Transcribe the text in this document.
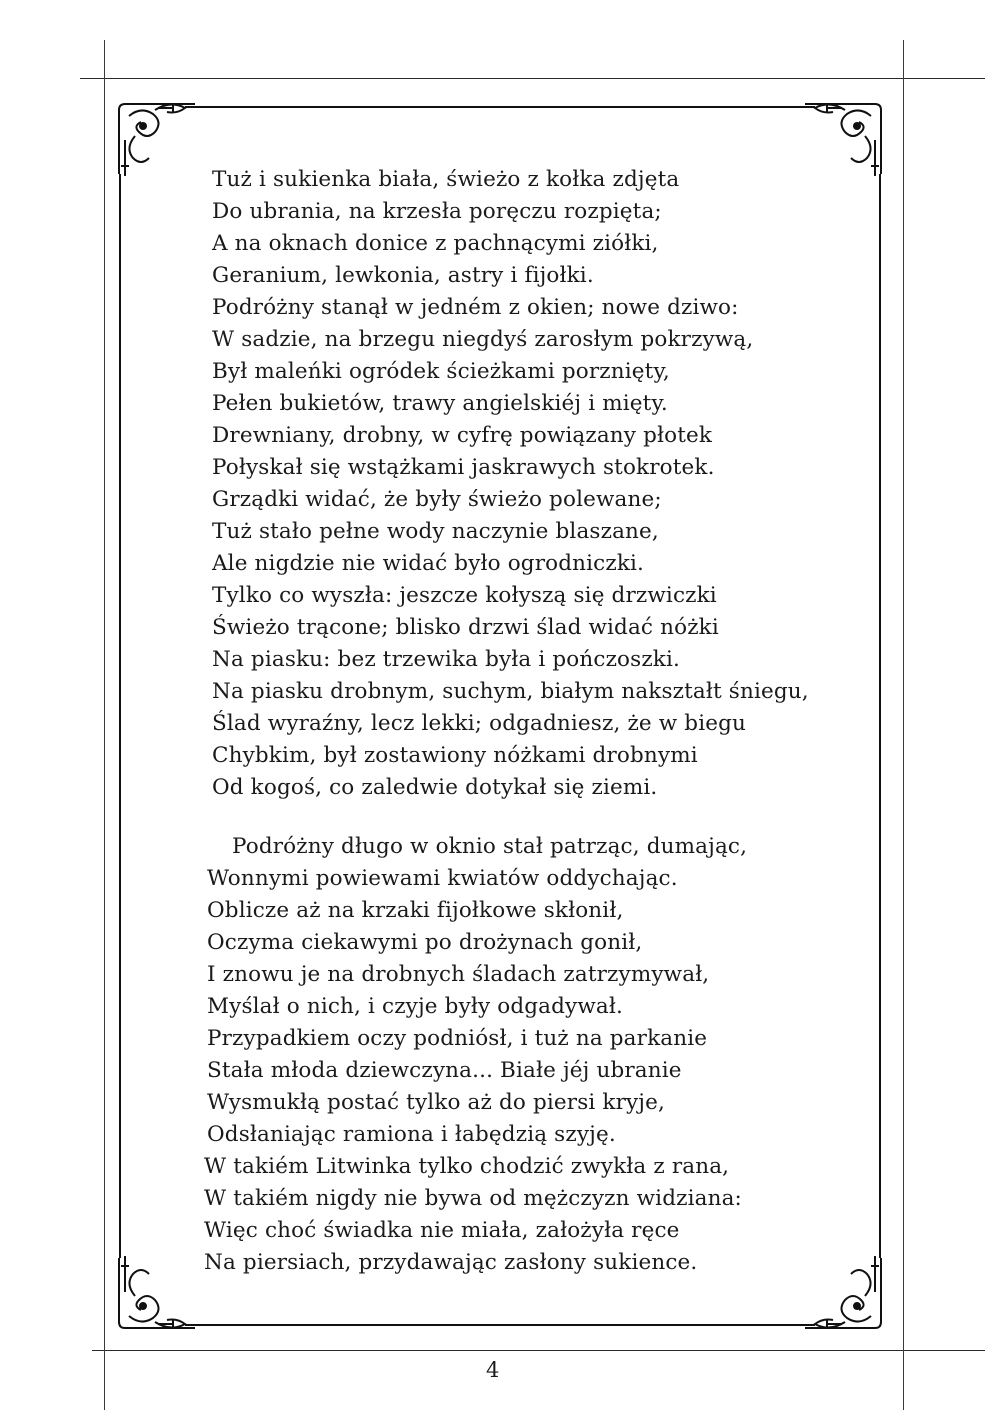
Tuż i sukienka biała, świeżo z kołka zdjęta
Do ubrania, na krzesła poręczu rozpięta;
A na oknach donice z pachnącymi ziółki,
Geranium, lewkonia, astry i fijołki.
Podróżny stanął w jedném z okien; nowe dziwo:
W sadzie, na brzegu niegdyś zarosłym pokrzywą,
Był maleńki ogródek ścieżkami porznięty,
Pełen bukietów, trawy angielskiéj i mięty.
Drewniany, drobny, w cyfrę powiązany płotek
Połyskał się wstążkami jaskrawych stokrotek.
Grządki widać, że były świeżo polewane;
Tuż stało pełne wody naczynie blaszane,
Ale nigdzie nie widać było ogrodniczki.
Tylko co wyszła: jeszcze kołyszą się drzwiczki
Świeżo trącone; blisko drzwi ślad widać nóżki
Na piasku: bez trzewika była i pończoszki.
Na piasku drobnym, suchym, białym nakształt śniegu,
Ślad wyraźny, lecz lekki; odgadniesz, że w biegu
Chybkim, był zostawiony nóżkami drobnymi
Od kogoś, co zaledwie dotykał się ziemi.
Podróżny długo w oknio stał patrząc, dumając,
Wonnymi powiewami kwiatów oddychając.
Oblicze aż na krzaki fijołkowe skłonił,
Oczyma ciekawymi po drożynach gonił,
I znowu je na drobnych śladach zatrzymywał,
Myślał o nich, i czyje były odgadywał.
Przypadkiem oczy podniósł, i tuż na parkanie
Stała młoda dziewczyna... Białe jéj ubranie
Wysmukłą postać tylko aż do piersi kryje,
Odsłaniając ramiona i łabędzią szyję.
W takiém Litwinka tylko chodzić zwykła z rana,
W takiém nigdy nie bywa od mężczyzn widziana:
Więc choć świadka nie miała, założyła ręce
Na piersiach, przydawając zasłony sukience.
4
